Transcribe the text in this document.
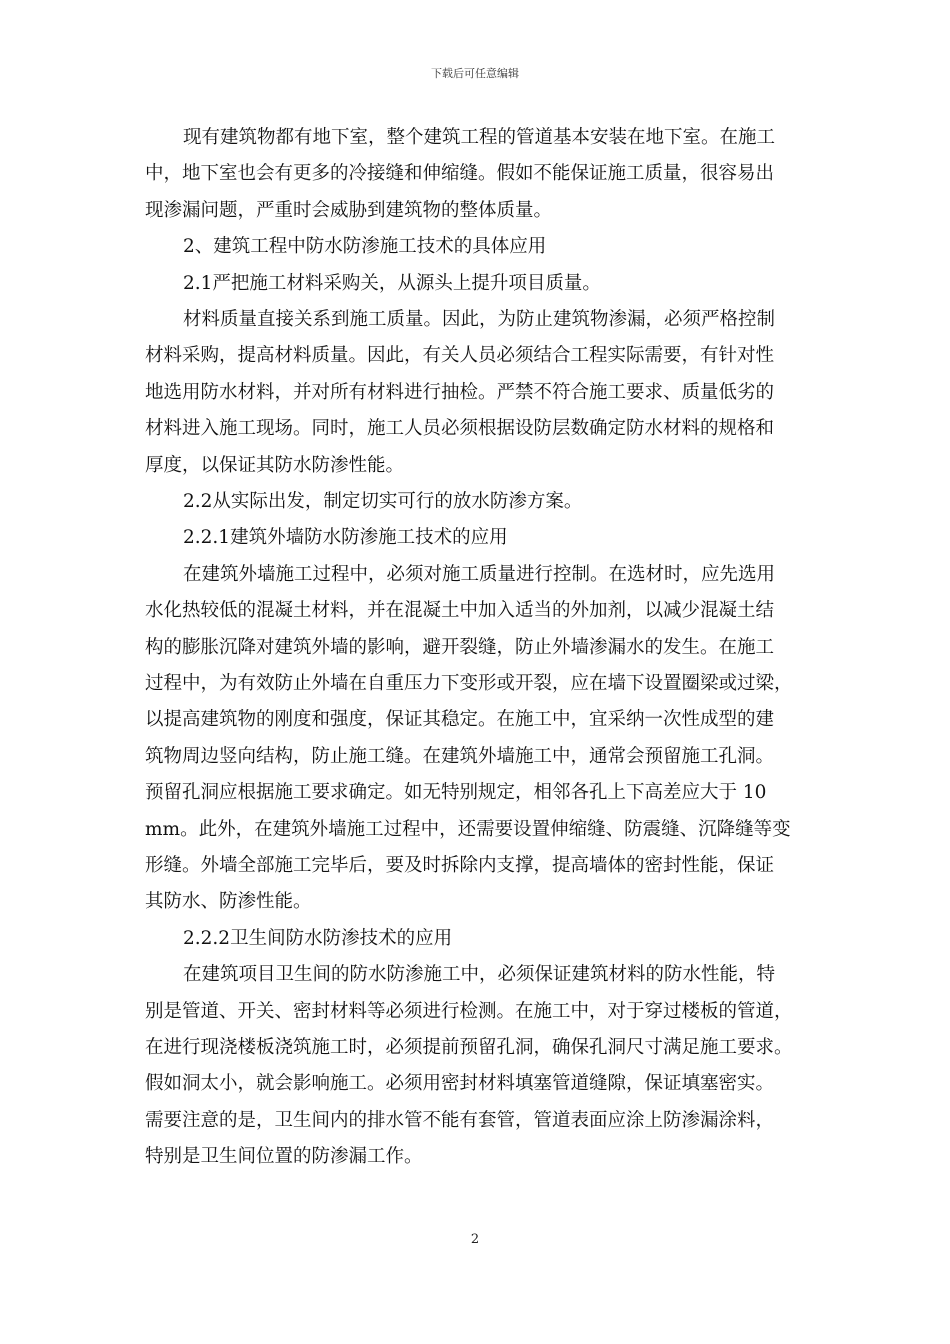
下载后可任意编辑
现有建筑物都有地下室，整个建筑工程的管道基本安装在地下室。在施工
中，地下室也会有更多的冷接缝和伸缩缝。假如不能保证施工质量，很容易出
现渗漏问题，严重时会威胁到建筑物的整体质量。
2、建筑工程中防水防渗施工技术的具体应用
2.1严把施工材料采购关，从源头上提升项目质量。
材料质量直接关系到施工质量。因此，为防止建筑物渗漏，必须严格控制
材料采购，提高材料质量。因此，有关人员必须结合工程实际需要，有针对性
地选用防水材料，并对所有材料进行抽检。严禁不符合施工要求、质量低劣的
材料进入施工现场。同时，施工人员必须根据设防层数确定防水材料的规格和
厚度，以保证其防水防渗性能。
2.2从实际出发，制定切实可行的放水防渗方案。
2.2.1建筑外墙防水防渗施工技术的应用
在建筑外墙施工过程中，必须对施工质量进行控制。在选材时，应先选用
水化热较低的混凝土材料，并在混凝土中加入适当的外加剂，以减少混凝土结
构的膨胀沉降对建筑外墙的影响，避开裂缝，防止外墙渗漏水的发生。在施工
过程中，为有效防止外墙在自重压力下变形或开裂，应在墙下设置圈梁或过梁，
以提高建筑物的刚度和强度，保证其稳定。在施工中，宜采纳一次性成型的建
筑物周边竖向结构，防止施工缝。在建筑外墙施工中，通常会预留施工孔洞。
预留孔洞应根据施工要求确定。如无特别规定，相邻各孔上下高差应大于 10
mm。此外，在建筑外墙施工过程中，还需要设置伸缩缝、防震缝、沉降缝等变
形缝。外墙全部施工完毕后，要及时拆除内支撑，提高墙体的密封性能，保证
其防水、防渗性能。
2.2.2卫生间防水防渗技术的应用
在建筑项目卫生间的防水防渗施工中，必须保证建筑材料的防水性能，特
别是管道、开关、密封材料等必须进行检测。在施工中，对于穿过楼板的管道，
在进行现浇楼板浇筑施工时，必须提前预留孔洞，确保孔洞尺寸满足施工要求。
假如洞太小，就会影响施工。必须用密封材料填塞管道缝隙，保证填塞密实。
需要注意的是，卫生间内的排水管不能有套管，管道表面应涂上防渗漏涂料，
特别是卫生间位置的防渗漏工作。
2
